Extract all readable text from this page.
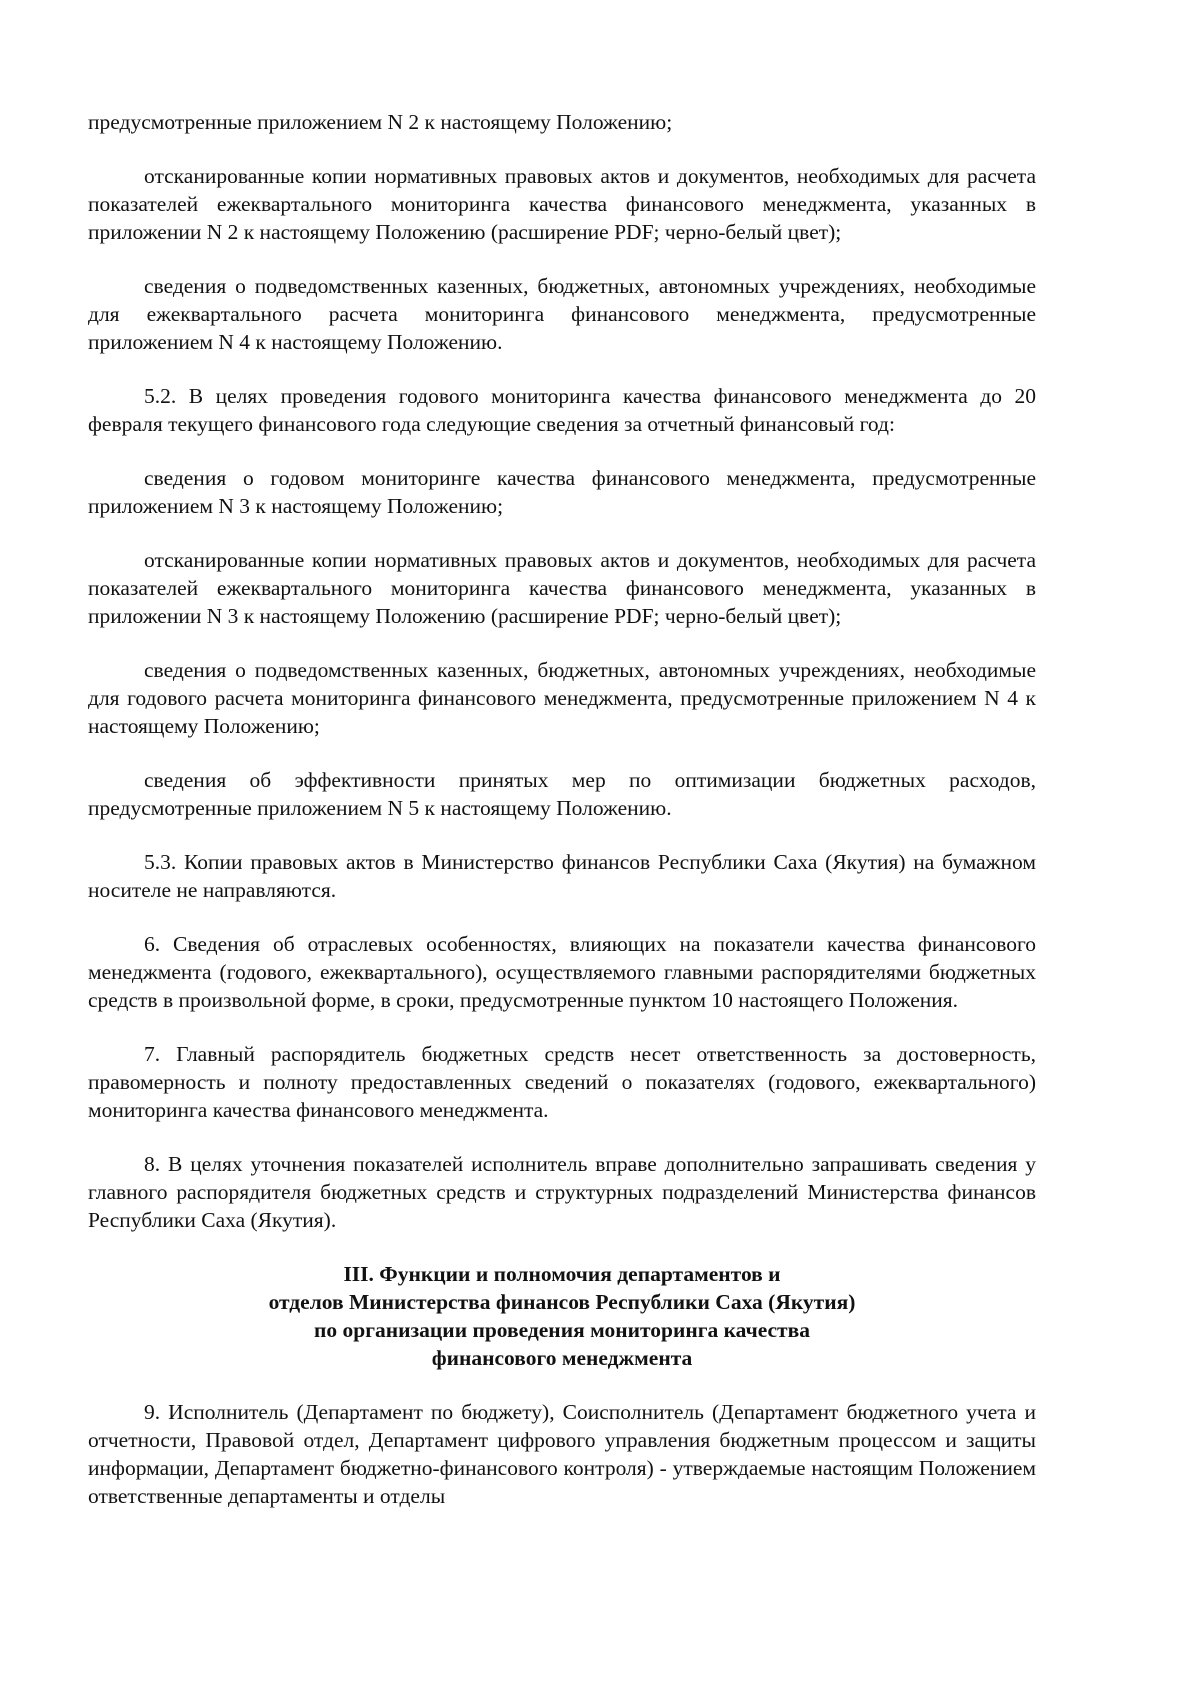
предусмотренные приложением N 2 к настоящему Положению;

отсканированные копии нормативных правовых актов и документов, необходимых для расчета показателей ежеквартального мониторинга качества финансового менеджмента, указанных в приложении N 2 к настоящему Положению (расширение PDF; черно-белый цвет);

сведения о подведомственных казенных, бюджетных, автономных учреждениях, необходимые для ежеквартального расчета мониторинга финансового менеджмента, предусмотренные приложением N 4 к настоящему Положению.

5.2. В целях проведения годового мониторинга качества финансового менеджмента до 20 февраля текущего финансового года следующие сведения за отчетный финансовый год:

сведения о годовом мониторинге качества финансового менеджмента, предусмотренные приложением N 3 к настоящему Положению;

отсканированные копии нормативных правовых актов и документов, необходимых для расчета показателей ежеквартального мониторинга качества финансового менеджмента, указанных в приложении N 3 к настоящему Положению (расширение PDF; черно-белый цвет);

сведения о подведомственных казенных, бюджетных, автономных учреждениях, необходимые для годового расчета мониторинга финансового менеджмента, предусмотренные приложением N 4 к настоящему Положению;

сведения об эффективности принятых мер по оптимизации бюджетных расходов, предусмотренные приложением N 5 к настоящему Положению.

5.3. Копии правовых актов в Министерство финансов Республики Саха (Якутия) на бумажном носителе не направляются.

6. Сведения об отраслевых особенностях, влияющих на показатели качества финансового менеджмента (годового, ежеквартального), осуществляемого главными распорядителями бюджетных средств в произвольной форме, в сроки, предусмотренные пунктом 10 настоящего Положения.

7. Главный распорядитель бюджетных средств несет ответственность за достоверность, правомерность и полноту предоставленных сведений о показателях (годового, ежеквартального) мониторинга качества финансового менеджмента.

8. В целях уточнения показателей исполнитель вправе дополнительно запрашивать сведения у главного распорядителя бюджетных средств и структурных подразделений Министерства финансов Республики Саха (Якутия).

III. Функции и полномочия департаментов и
отделов Министерства финансов Республики Саха (Якутия)
по организации проведения мониторинга качества
финансового менеджмента

9. Исполнитель (Департамент по бюджету), Соисполнитель (Департамент бюджетного учета и отчетности, Правовой отдел, Департамент цифрового управления бюджетным процессом и защиты информации, Департамент бюджетно-финансового контроля) - утверждаемые настоящим Положением ответственные департаменты и отделы
